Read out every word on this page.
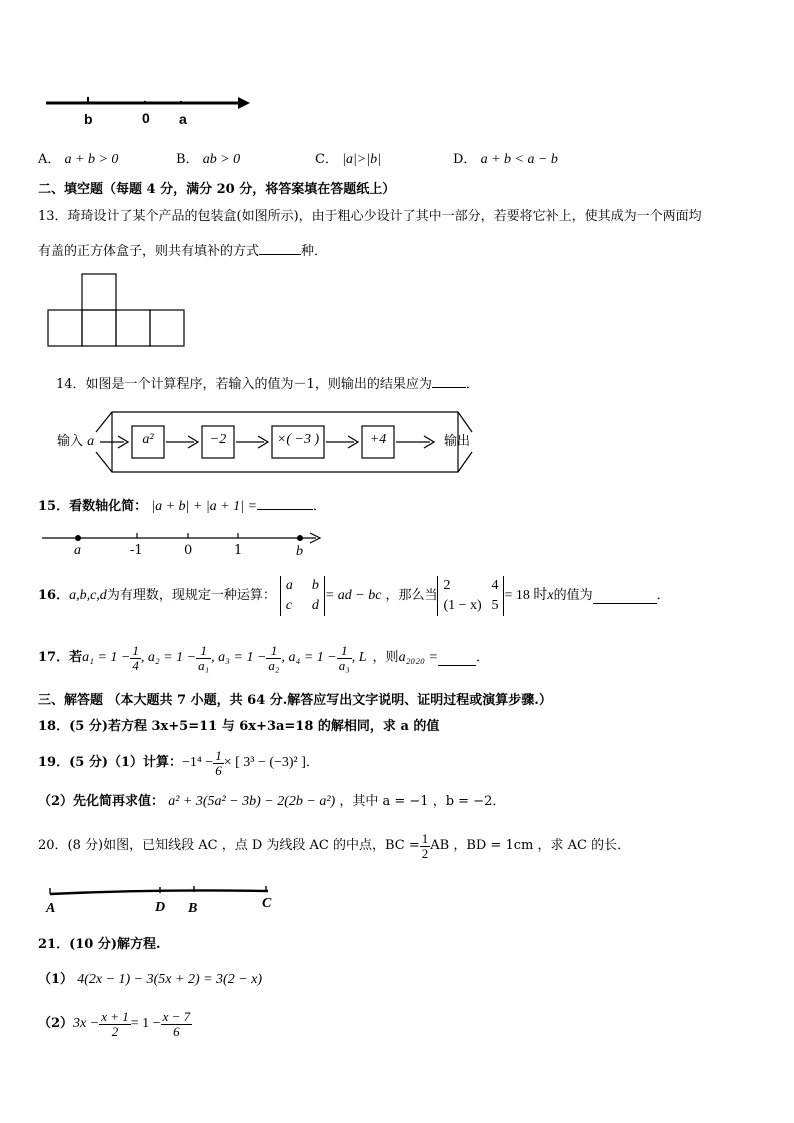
b	0 a
A． a + b > 0	B． ab > 0	C． |a|>|b|	D． a + b < a − b
二、填空题（每题 4 分，满分 20 分，将答案填在答题纸上）
13．琦琦设计了某个产品的包装盒(如图所示)，由于粗心少设计了其中一部分，若要将它补上，使其成为一个两面均
有盖的正方体盒子，则共有填补的方式	种．
14．如图是一个计算程序，若输入的值为－1，则输出的结果应为	．
输入 a	a²	−2	×( −3 )	+4	输出
15．看数轴化简： |a + b| + |a + 1| =	．
a	-1	0	1	b
16． a,b,c,d 为有理数，现规定一种运算：
a b
c d
= ad − bc ，那么当
2	4
(1 − x) 5
= 18 时 x 的值为	．
17．若 $a_1 = 1 - \frac{1}{4}$ , $a_2 = 1 - \frac{1}{\text{a₁}}$ , $a_3 = 1 - \frac{1}{\text{a₂}}$ , $a_4 = 1 - \frac{1}{\text{a₃}}$ , L ，则 a₂₀₂₀ =	．
三、解答题 （本大题共 7 小题，共 64 分.解答应写出文字说明、证明过程或演算步骤.）
18．(5 分)若方程 3x+5=11 与 6x+3a=18 的解相同，求 a 的值
19．(5 分)（1）计算： $-1^4 - \frac{1}{6}$ × [ 3³ − (−3)² ] ．
（2）先化简再求值： a² + 3(5a² − 3b) − 2(2b − a²) ，其中 a = −1 ，b = −2．
20．(8 分)如图，已知线段 AC ，点 D 为线段 AC 的中点，BC = $\frac{1}{2}$ AB ，BD = 1cm ，求 AC 的长．
A	D B	C
21．(10 分)解方程.
（1） 4(2x − 1) − 3(5x + 2) = 3(2 − x)
（2） $3x - \frac{x + 1}{2} = 1 - \frac{x - 7}{6}$
